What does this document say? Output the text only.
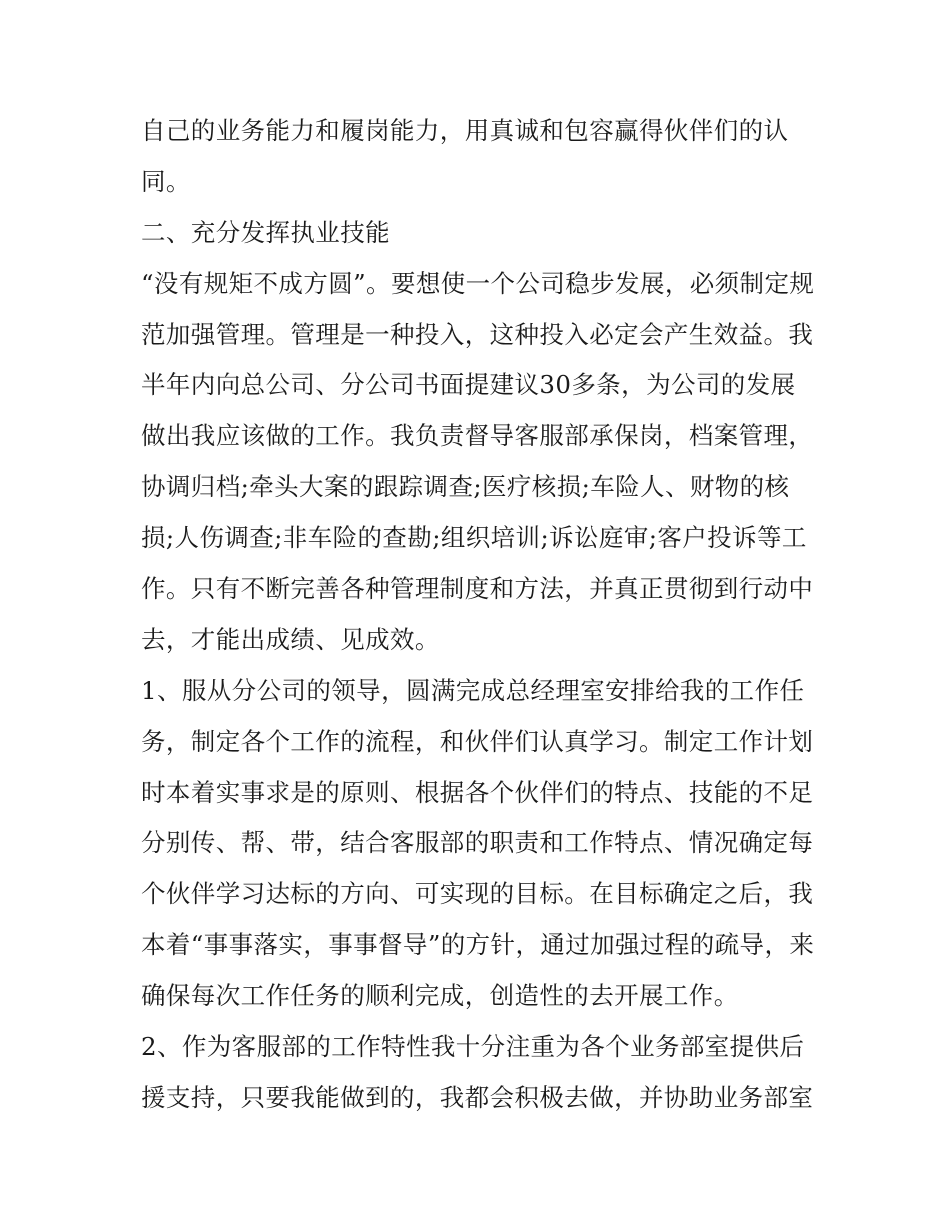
自己的业务能力和履岗能力，用真诚和包容赢得伙伴们的认
同。
二、充分发挥执业技能
“没有规矩不成方圆”。要想使一个公司稳步发展，必须制定规
范加强管理。管理是一种投入，这种投入必定会产生效益。我
半年内向总公司、分公司书面提建议30多条，为公司的发展
做出我应该做的工作。我负责督导客服部承保岗，档案管理，
协调归档;牵头大案的跟踪调查;医疗核损;车险人、财物的核
损;人伤调查;非车险的查勘;组织培训;诉讼庭审;客户投诉等工
作。只有不断完善各种管理制度和方法，并真正贯彻到行动中
去，才能出成绩、见成效。
1、服从分公司的领导，圆满完成总经理室安排给我的工作任
务，制定各个工作的流程，和伙伴们认真学习。制定工作计划
时本着实事求是的原则、根据各个伙伴们的特点、技能的不足
分别传、帮、带，结合客服部的职责和工作特点、情况确定每
个伙伴学习达标的方向、可实现的目标。在目标确定之后，我
本着“事事落实，事事督导”的方针，通过加强过程的疏导，来
确保每次工作任务的顺利完成，创造性的去开展工作。
2、作为客服部的工作特性我十分注重为各个业务部室提供后
援支持，只要我能做到的，我都会积极去做，并协助业务部室
